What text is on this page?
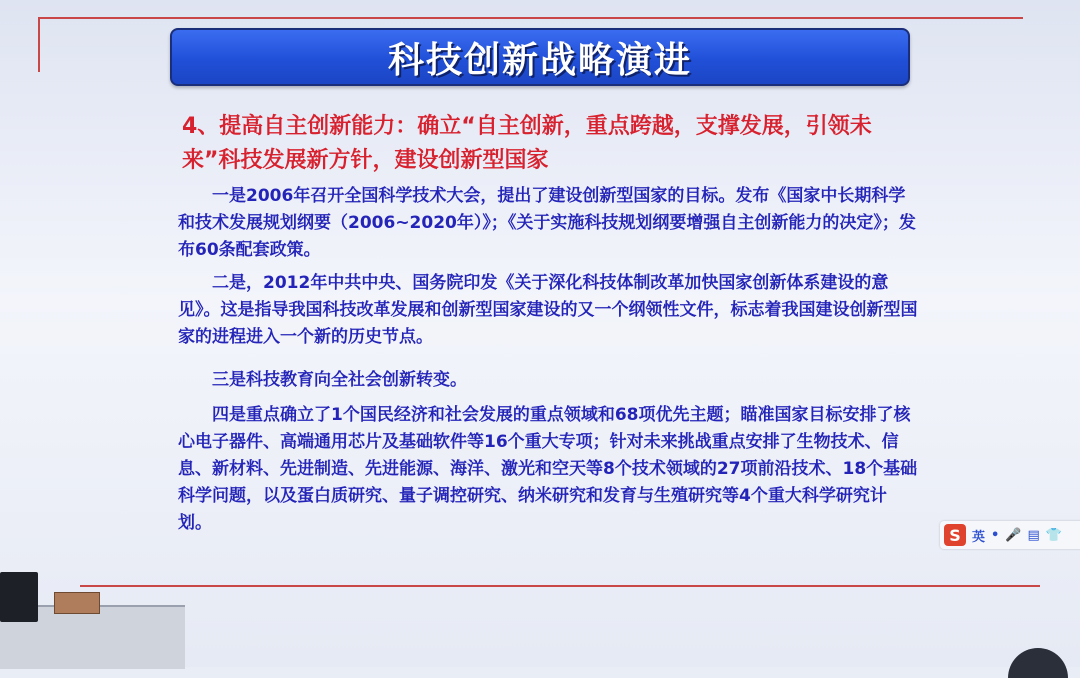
科技创新战略演进
4、提高自主创新能力：确立“自主创新，重点跨越，支撑发展，引领未来”科技发展新方针，建设创新型国家
　　一是2006年召开全国科学技术大会，提出了建设创新型国家的目标。发布《国家中长期科学和技术发展规划纲要（2006~2020年）》；《关于实施科技规划纲要增强自主创新能力的决定》；发布60条配套政策。
　　二是，2012年中共中央、国务院印发《关于深化科技体制改革加快国家创新体系建设的意见》。这是指导我国科技改革发展和创新型国家建设的又一个纲领性文件，标志着我国建设创新型国家的进程进入一个新的历史节点。
　　三是科技教育向全社会创新转变。
　　四是重点确立了1个国民经济和社会发展的重点领域和68项优先主题；瞄准国家目标安排了核心电子器件、高端通用芯片及基础软件等16个重大专项；针对未来挑战重点安排了生物技术、信息、新材料、先进制造、先进能源、海洋、激光和空天等8个技术领域的27项前沿技术、18个基础科学问题，以及蛋白质研究、量子调控研究、纳米研究和发育与生殖研究等4个重大科学研究计划。
S 英 • 🎤 ▤ 👕
